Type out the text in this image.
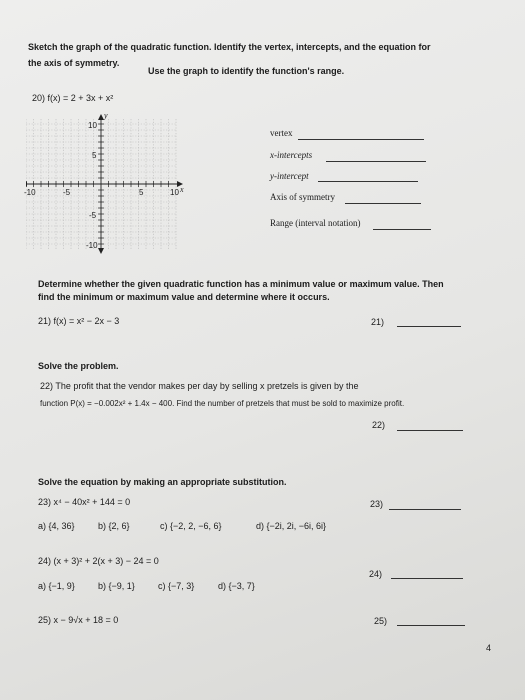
Sketch the graph of the quadratic function. Identify the vertex, intercepts, and the equation for
the axis of symmetry.
Use the graph to identify the function's range.
20) f(x) = 2 + 3x + x²
y
x
10
5
-5
-10
-10	-5	5	10
vertex
x-intercepts
y-intercept
Axis of symmetry
Range (interval notation)
Determine whether the given quadratic function has a minimum value or maximum value. Then
find the minimum or maximum value and determine where it occurs.
21) f(x) = x² − 2x − 3	21)
Solve the problem.
22) The profit that the vendor makes per day by selling x pretzels is given by the
function P(x) = −0.002x² + 1.4x − 400. Find the number of pretzels that must be sold to maximize profit.
22)
Solve the equation by making an appropriate substitution.
23) x⁴ − 40x² + 144 = 0	23)
a) {4, 36}	b) {2, 6}	c) {−2, 2, −6, 6}	d) {−2i, 2i, −6i, 6i}
24) (x + 3)² + 2(x + 3) − 24 = 0
24)
a) {−1, 9}	b) {−9, 1}	c) {−7, 3}	d) {−3, 7}
25) x − 9√x + 18 = 0	25)
4
